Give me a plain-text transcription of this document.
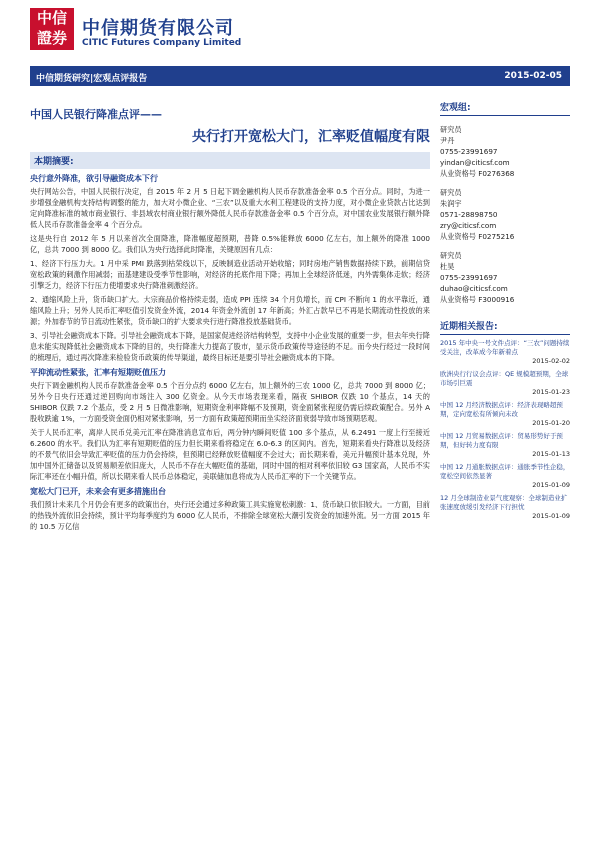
中信 證券 中信期货有限公司
CITIC Futures Company Limited
中信期货研究|宏观点评报告	2015-02-05
中国人民银行降准点评——
央行打开宽松大门，汇率贬值幅度有限
本期摘要:
央行意外降准，欲引导融资成本下行

央行网站公告，中国人民银行决定，自 2015 年 2 月 5 日起下调金融机构人民币存款准备金率 0.5 个百分点。同时，为进一步增强金融机构支持结构调整的能力，加大对小微企业、“三农”以及重大水利工程建设的支持力度，对小微企业贷款占比达到定向降准标准的城市商业银行、非县域农村商业银行额外降低人民币存款准备金率 0.5 个百分点，对中国农业发展银行额外降低人民币存款准备金率 4 个百分点。

这是央行自 2012 年 5 月以来首次全面降准，降准幅度超预期，普降 0.5%能释放 6000 亿左右，加上额外的降准 1000 亿，总共 7000 到 8000 亿。我们认为央行选择此时降准，关键原因有几点：

1、经济下行压力大。1 月中采 PMI 跌落到枯荣线以下，反映制造业活动开始收缩；同时房地产销售数据持续下跌，前期信贷宽松政策的刺激作用减弱；而基建建设受季节性影响，对经济的托底作用下降；再加上全球经济低迷，内外需集体走软；经济引擎乏力，经济下行压力使增要求央行降准刺激经济。

2、通缩风险上升，货币缺口扩大。大宗商品价格持续走弱，造成 PPI 连续 34 个月负增长，而 CPI 不断向 1 的水平靠近，通缩风险上升；另外人民币汇率贬值引发资金外流，2014 年资金外流创 17 年新高；外汇占款早已不再是长期流动性投放的来源；外加春节的节日流动性紧张，货币缺口的扩大要求央行进行降准投放基础货币。

3、引导社会融资成本下降。引导社会融资成本下降，是国家促进经济结构转型，支持中小企业发展的重要一步，但去年央行降息未能实现降低社会融资成本下降的目的，央行降准大力提高了股市，显示货币政策传导途径的不足。而今央行经过一段时间的梳理后，通过再次降准来检验货币政策的传导渠道，最终目标还是要引导社会融资成本的下降。

平抑流动性紧张，汇率有短期贬值压力

央行下调金融机构人民币存款准备金率 0.5 个百分点约 6000 亿左右，加上额外的三农 1000 亿，总共 7000 到 8000 亿；另外今日央行还通过逆回购向市场注入 300 亿资金。从今天市场表现来看，隔夜 SHIBOR 仅跌 10 个基点，14 天的 SHIBOR 仅跌 7.2 个基点，受 2 月 5 日微准影响，短期资金利率降幅不及预期，资金面紧张程度仍需后续政策配合。另外 A 股收跌逾 1%，一方面受资金面仍相对紧张影响，另一方面有政策超预期而坐实经济面衰弱导致市场预期恶观。

关于人民币汇率，离岸人民币兑美元汇率在降准消息宣布后，两分钟内瞬间贬值 100 多个基点，从 6.2491 一度上行至接近 6.2600 的水平。我们认为汇率有短期贬值的压力但长期来看将稳定在 6.0-6.3 的区间内。首先，短期来看央行降准以及经济的不景气依旧会导致汇率贬值的压力仍会持续，但预期已经释放贬值幅度不会过大；而长期来看，美元升幅预计基本兑现，外加中国外汇储备以及贸易顺差依旧庞大，人民币不存在大幅贬值的基础，同时中国的相对利率依旧较 G3 国家高，人民币不实际汇率还在小幅升值，所以长期来看人民币总体稳定，美联储加息将成为人民币汇率的下一个关键节点。

宽松大门已开，未来会有更多措施出台

我们预计未来几个月仍会有更多的政策出台，央行还会通过多种政策工具实施宽松刺激：1、货币缺口依旧较大。一方面，目前的热钱外流依旧会持续，预计平均每季度约为 6000 亿人民币，不排除全球宽松大潮引发资金的加速外流。另一方面 2015 年的 10.5 万亿信

宏观组:
研究员
尹丹
0755-23991697
yindan@citicsf.com
从业资格号 F0276368
研究员
朱润宇
0571-28898750
zry@citicsf.com
从业资格号 F0275216
研究员
杜昊
0755-23991697
duhao@citicsf.com
从业资格号 F3000916
近期相关报告:
2015 年中央一号文件点评：“三农”问题持续受关注，改革成今年新着点
2015-02-02
欧洲央行行议会点评：QE 规模超预期，全球市场引巨震
2015-01-23
中国 12 月经济数据点评：经济表现略超预期，定向宽松有所倾向未改
2015-01-20
中国 12 月贸易数据点评：贸易形势好于预期，但好转力度有限
2015-01-13
中国 12 月通胀数据点评：通胀季节性企稳，宽松空间依然显著
2015-01-09
12 月全球制造业景气度观察：全球制造业扩张速度放缓引发经济下行担忧
2015-01-09
